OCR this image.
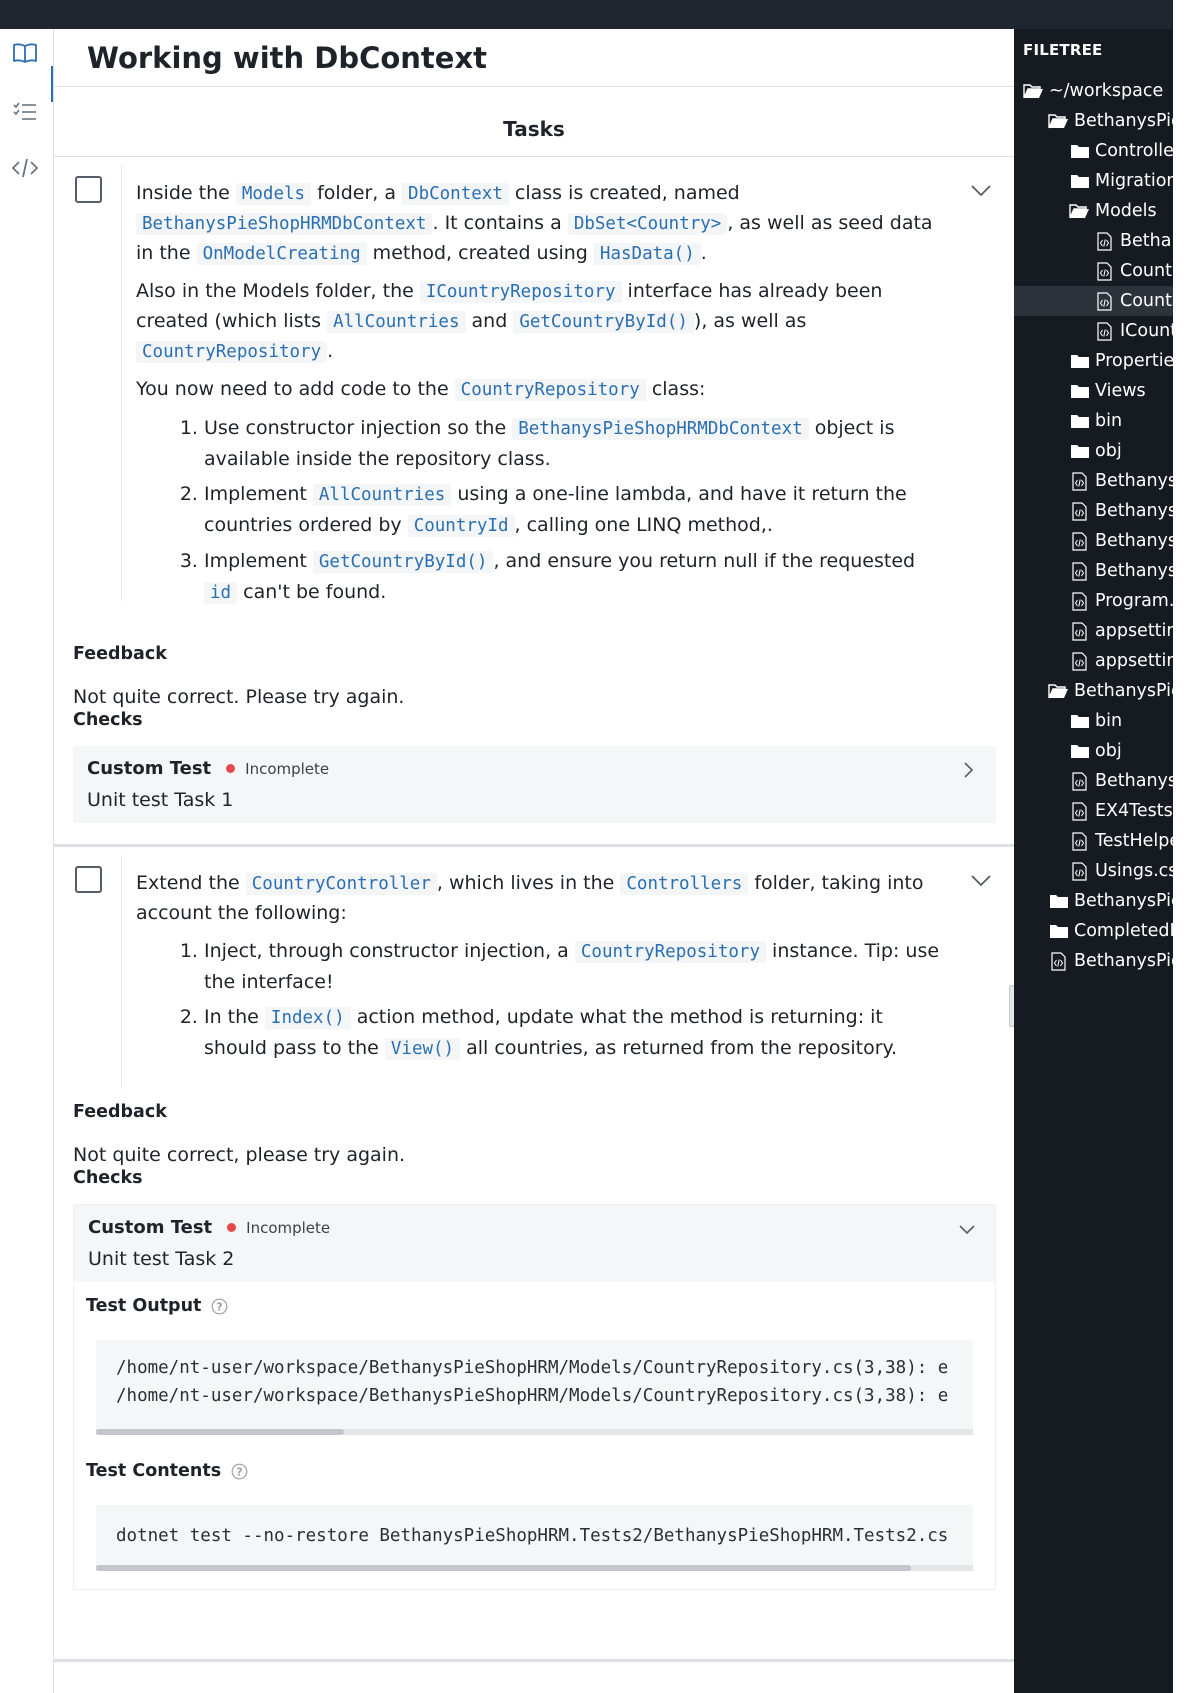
Working with DbContext
Tasks

Inside the Models folder, a DbContext class is created, named BethanysPieShopHRMDbContext . It contains a DbSet<Country> , as well as seed data in the OnModelCreating method, created using HasData() .

Also in the Models folder, the ICountryRepository interface has already been created (which lists AllCountries and GetCountryById() ), as well as CountryRepository .

You now need to add code to the CountryRepository class:

1. Use constructor injection so the BethanysPieShopHRMDbContext object is available inside the repository class.
2. Implement AllCountries using a one-line lambda, and have it return the countries ordered by CountryId , calling one LINQ method,.
3. Implement GetCountryById() , and ensure you return null if the requested id can't be found.
Feedback
Not quite correct. Please try again.
Checks
Custom Test Incomplete
Unit test Task 1

Extend the CountryController , which lives in the Controllers folder, taking into account the following:

1. Inject, through constructor injection, a CountryRepository instance. Tip: use the interface!
2. In the Index() action method, update what the method is returning: it should pass to the View() all countries, as returned from the repository.
Feedback
Not quite correct, please try again.
Checks
Custom Test Incomplete
Unit test Task 2
Test Output ?
/home/nt-user/workspace/BethanysPieShopHRM/Models/CountryRepository.cs(3,38): e
/home/nt-user/workspace/BethanysPieShopHRM/Models/CountryRepository.cs(3,38): e
Test Contents ?
dotnet test --no-restore BethanysPieShopHRM.Tests2/BethanysPieShopHRM.Tests2.cs
FILETREE
~/workspace
BethanysPie
Controlle
Migration
Models
Bethar
Countr
Countr
ICount
Propertie
Views
bin
obj
Bethanys
Bethanys
Bethanys
Bethanys
Program.c
appsettin
appsettin
BethanysPie
bin
obj
Bethanys
EX4Tests.
TestHelpe
Usings.cs
BethanysPie
CompletedE
BethanysPie
